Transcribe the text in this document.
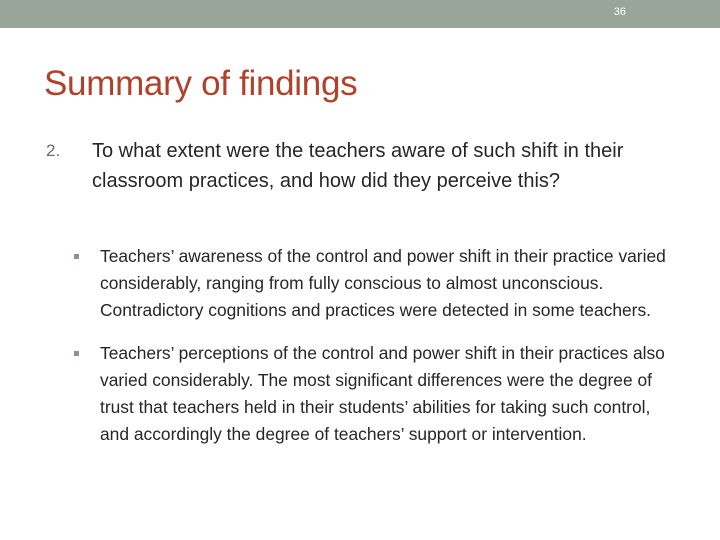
36
Summary of findings
2. To what extent were the teachers aware of such shift in their classroom practices, and how did they perceive this?
Teachers’ awareness of the control and power shift in their practice varied considerably, ranging from fully conscious to almost unconscious. Contradictory cognitions and practices were detected in some teachers.
Teachers’ perceptions of the control and power shift in their practices also varied considerably. The most significant differences were the degree of trust that teachers held in their students’ abilities for taking such control, and accordingly the degree of teachers’ support or intervention.
